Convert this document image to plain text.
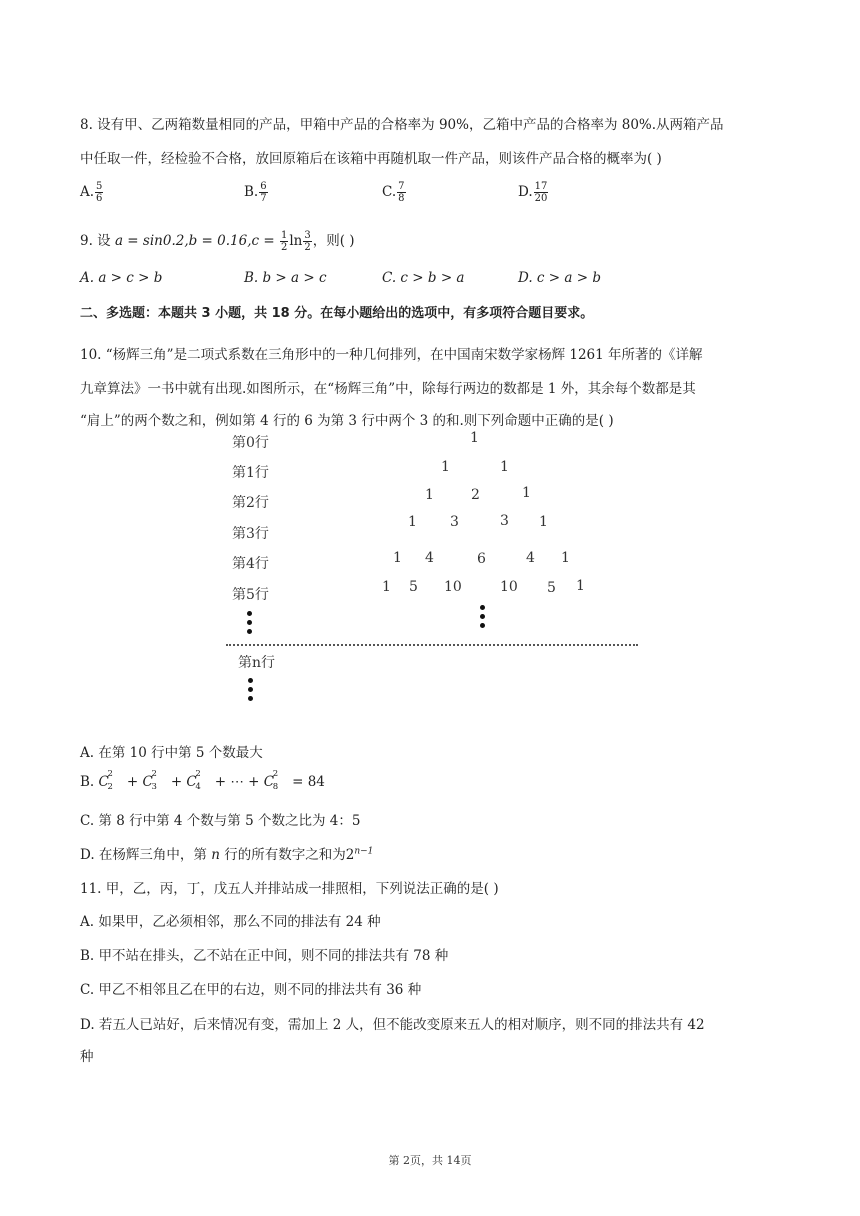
8. 设有甲、乙两箱数量相同的产品，甲箱中产品的合格率为 90%，乙箱中产品的合格率为 80%.从两箱产品
中任取一件，经检验不合格，放回原箱后在该箱中再随机取一件产品，则该件产品合格的概率为( )
A. $\frac{5}{6}$	B. $\frac{6}{7}$	C. $\frac{7}{8}$	D. $\frac{17}{20}$
9. 设 $a = \sin 0.2,b = 0.16,c = \frac{1}{2}$ $\ln \frac{3}{2}$ ，则( )
A. a > c > b	B. b > a > c	C. c > b > a	D. c > a > b
二、多选题：本题共 3 小题，共 18 分。在每小题给出的选项中，有多项符合题目要求。
10. “杨辉三角”是二项式系数在三角形中的一种几何排列，在中国南宋数学家杨辉 1261 年所著的《详解
九章算法》一书中就有出现.如图所示，在“杨辉三角”中，除每行两边的数都是 1 外，其余每个数都是其
“肩上”的两个数之和，例如第 4 行的 6 为第 3 行中两个 3 的和.则下列命题中正确的是( )
第0行
第1行
第2行
第3行
第4行
第5行
第n行
1
1	1
1	2	1
1 3	3 1
1 4	6	4 1
1 5 10	10 5 1
A. 在第 10 行中第 5 个数最大
B. C
2
2 + C
2
3 + C
2
4 + ⋯ + C
2
8 = 84
C. 第 8 行中第 4 个数与第 5 个数之比为 4：5
D. 在杨辉三角中，第 n 行的所有数字之和为$2^{n-1}$
11. 甲，乙，丙，丁，戊五人并排站成一排照相，下列说法正确的是( )
A. 如果甲，乙必须相邻，那么不同的排法有 24 种
B. 甲不站在排头，乙不站在正中间，则不同的排法共有 78 种
C. 甲乙不相邻且乙在甲的右边，则不同的排法共有 36 种
D. 若五人已站好，后来情况有变，需加上 2 人，但不能改变原来五人的相对顺序，则不同的排法共有 42
种
第 2页，共 14页
